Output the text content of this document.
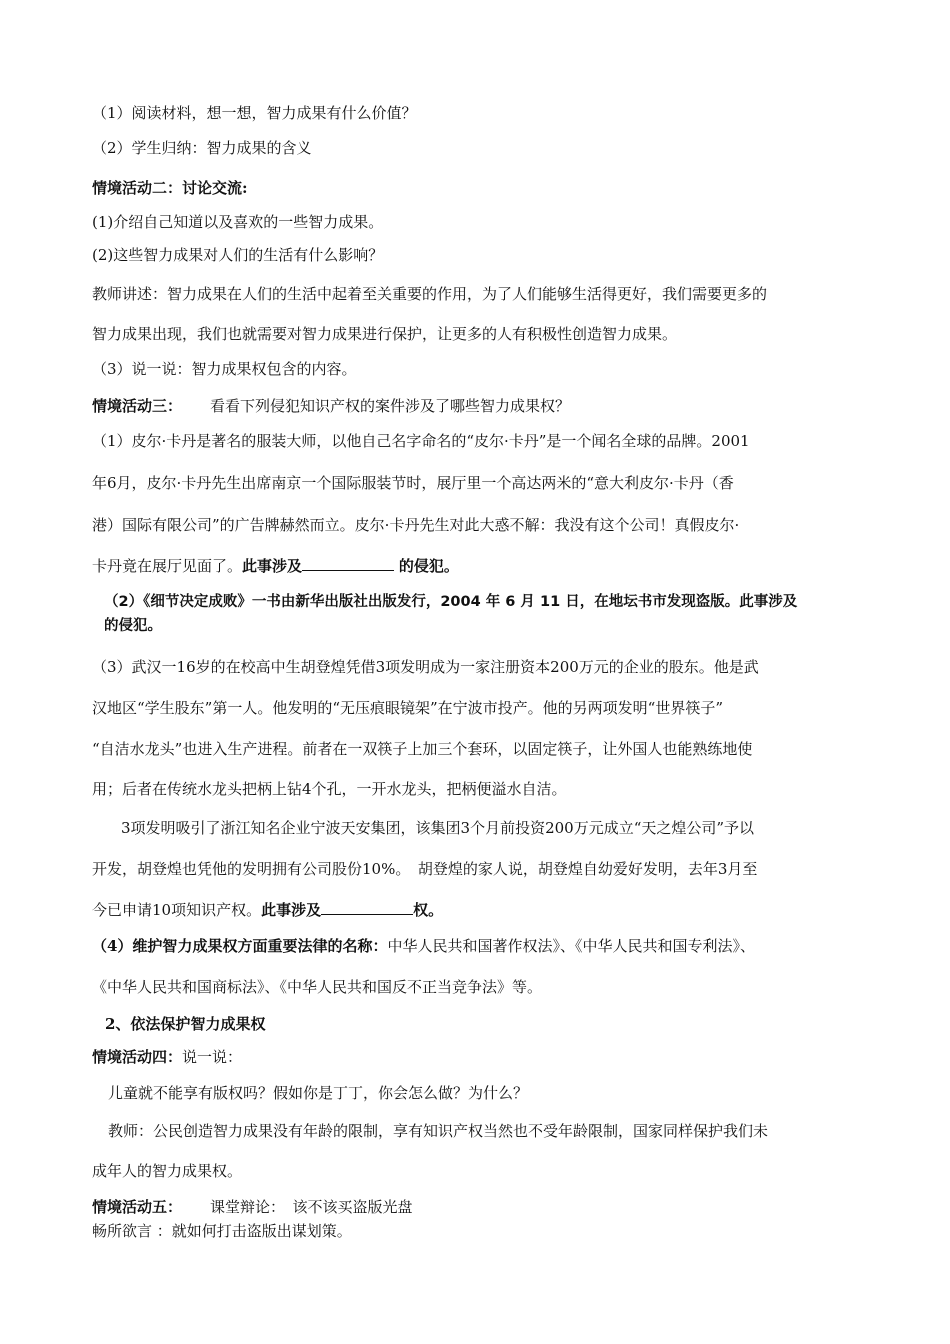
（1）阅读材料，想一想，智力成果有什么价值？
（2）学生归纳：智力成果的含义
情境活动二：讨论交流:
(1)介绍自己知道以及喜欢的一些智力成果。
(2)这些智力成果对人们的生活有什么影响？
教师讲述：智力成果在人们的生活中起着至关重要的作用，为了人们能够生活得更好，我们需要更多的
智力成果出现，我们也就需要对智力成果进行保护，让更多的人有积极性创造智力成果。
（3）说一说：智力成果权包含的内容。
情境活动三： 看看下列侵犯知识产权的案件涉及了哪些智力成果权？
（1）皮尔·卡丹是著名的服装大师，以他自己名字命名的“皮尔·卡丹”是一个闻名全球的品牌。2001
年6月，皮尔·卡丹先生出席南京一个国际服装节时，展厅里一个高达两米的“意大利皮尔·卡丹（香
港）国际有限公司”的广告牌赫然而立。皮尔·卡丹先生对此大惑不解：我没有这个公司！真假皮尔·
卡丹竟在展厅见面了。此事涉及	的侵犯。
（2）《细节决定成败》一书由新华出版社出版发行，2004 年 6 月 11 日，在地坛书市发现盗版。此事涉及
的侵犯。
（3）武汉一16岁的在校高中生胡登煌凭借3项发明成为一家注册资本200万元的企业的股东。他是武
汉地区“学生股东”第一人。他发明的“无压痕眼镜架”在宁波市投产。他的另两项发明“世界筷子”
“自洁水龙头”也进入生产进程。前者在一双筷子上加三个套环，以固定筷子，让外国人也能熟练地使
用；后者在传统水龙头把柄上钻4个孔，一开水龙头，把柄便溢水自洁。
3项发明吸引了浙江知名企业宁波天安集团，该集团3个月前投资200万元成立“天之煌公司”予以
开发，胡登煌也凭他的发明拥有公司股份10%。　胡登煌的家人说，胡登煌自幼爱好发明，去年3月至
今已申请10项知识产权。此事涉及	权。
（4）维护智力成果权方面重要法律的名称：中华人民共和国著作权法》、《中华人民共和国专利法》、
《中华人民共和国商标法》、《中华人民共和国反不正当竞争法》等。
2、依法保护智力成果权
情境活动四：说一说：
儿童就不能享有版权吗？假如你是丁丁，你会怎么做？为什么？
教师：公民创造智力成果没有年龄的限制，享有知识产权当然也不受年龄限制，国家同样保护我们未
成年人的智力成果权。
情境活动五： 课堂辩论：　该不该买盗版光盘
畅所欲言 ：就如何打击盗版出谋划策。
